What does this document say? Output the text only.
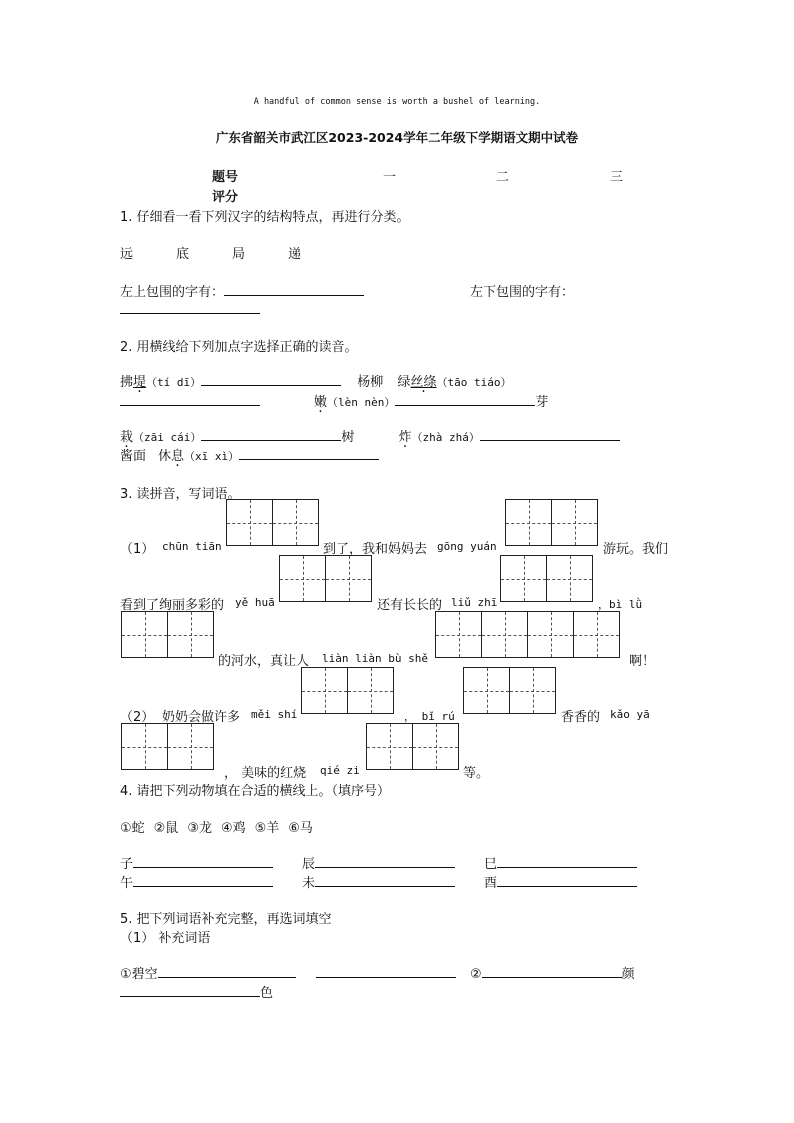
A handful of common sense is worth a bushel of learning.
广东省韶关市武江区2023-2024学年二年级下学期语文期中试卷
题号	一	二	三
评分
1. 仔细看一看下列汉字的结构特点，再进行分类。
远	底	局	递
左上包围的字有：	左下包围的字有：
2. 用横线给下列加点字选择正确的读音。
拂堤（tí dī）	杨柳 绿丝绦（tāo tiáo）
嫩（lèn nèn）	芽
栽（zāi cái）	树	炸（zhà zhá）
酱面 休息（xī xì）
3. 读拼音，写词语。
（1） chūn tiān	到了，我和妈妈去 gōng yuán	游玩。我们
看到了绚丽多彩的 yě huā	还有长长的 liǔ zhī	，bì lǜ
的河水，真让人 liàn liàn bù shě	啊！
（2） 奶奶会做许多 měi shí	， bǐ rú	香香的 kǎo yā
， 美味的红烧 qié zi	等。
4. 请把下列动物填在合适的横线上。（填序号）
①蛇 ②鼠 ③龙 ④鸡 ⑤羊 ⑥马
子	辰	巳
午	未	酉
5. 把下列词语补充完整，再选词填空
（1） 补充词语
①碧空	②	颜
色
